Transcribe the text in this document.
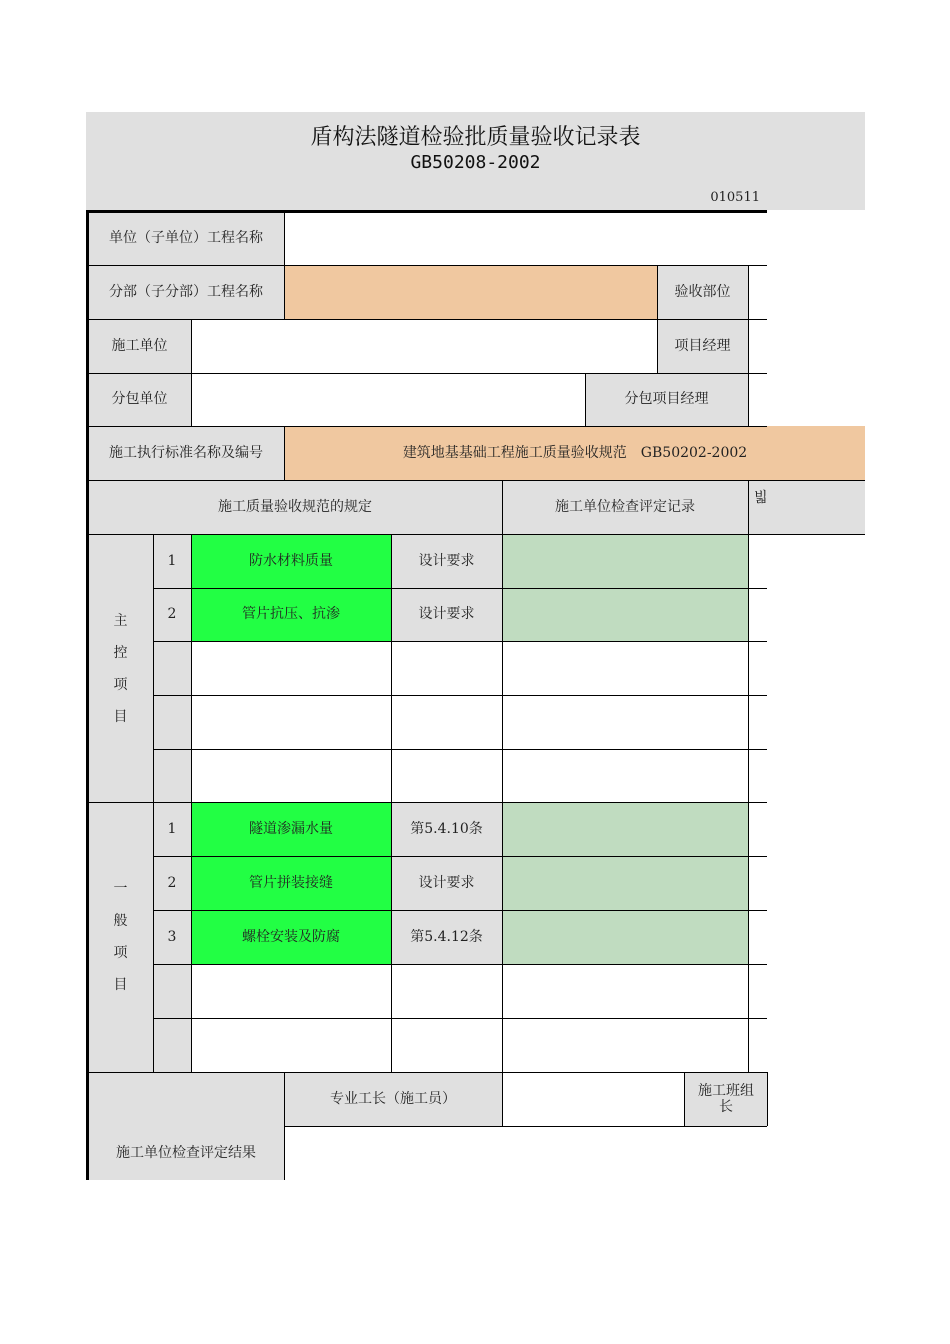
盾构法隧道检验批质量验收记录表
GB50208-2002
010511
单位（子单位）工程名称
分部（子分部）工程名称	验收部位
施工单位	项目经理
分包单位	分包项目经理
施工执行标准名称及编号	建筑地基基础工程施工质量验收规范　GB50202-2002
施工质量验收规范的规定	施工单位检查评定记录
빏
主
控
项
目
1	防水材料质量	设计要求
2	管片抗压、抗渗	设计要求
一
般
项
目
1	隧道渗漏水量	第5.4.10条
2	管片拼装接缝	设计要求
3	螺栓安装及防腐	第5.4.12条
专业工长（施工员）
施工班组长
施工单位检查评定结果
